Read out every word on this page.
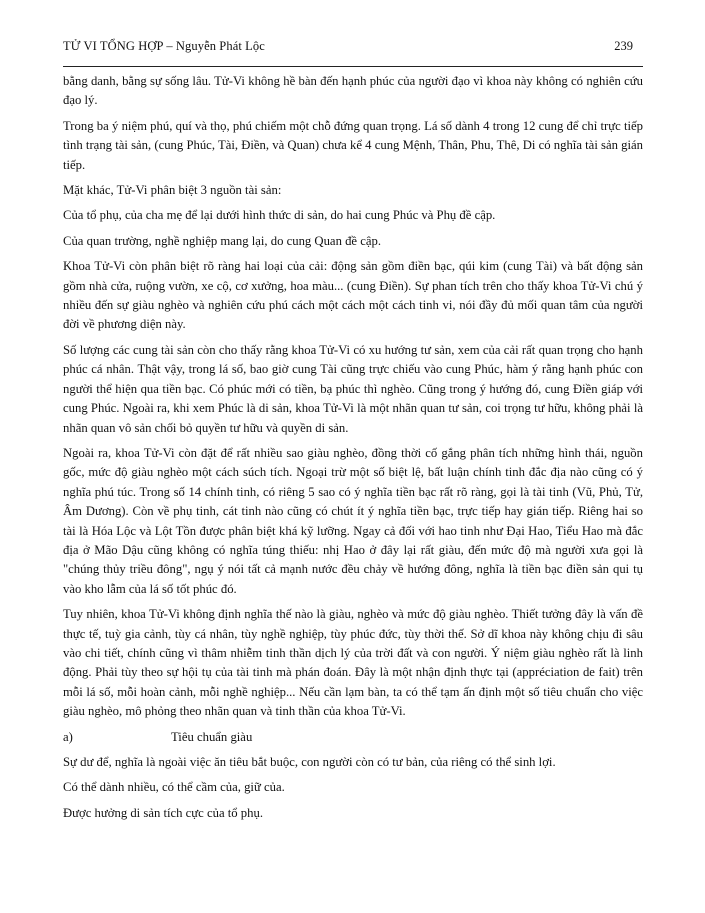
TỬ VI TỔNG HỢP – Nguyễn Phát Lộc	239

bằng danh, bằng sự sống lâu. Tử-Vi không hề bàn đến hạnh phúc của người đạo vì khoa này không có nghiên cứu đạo lý.

Trong ba ý niệm phú, quí và thọ, phú chiếm một chỗ đứng quan trọng. Lá số dành 4 trong 12 cung để chỉ trực tiếp tình trạng tài sản, (cung Phúc, Tài, Điền, và Quan) chưa kể 4 cung Mệnh, Thân, Phu, Thê, Di có nghĩa tài sản gián tiếp.

Mặt khác, Tử-Vi phân biệt 3 nguồn tài sản:

Của tổ phụ, của cha mẹ để lại dưới hình thức di sản, do hai cung Phúc và Phụ đề cập.

Của quan trường, nghề nghiệp mang lại, do cung Quan đề cập.

Khoa Tử-Vi còn phân biệt rõ ràng hai loại của cải: động sản gồm điền bạc, qúi kim (cung Tài) và bất động sản gồm nhà cửa, ruộng vườn, xe cộ, cơ xưởng, hoa màu... (cung Điền). Sự phan tích trên cho thấy khoa Tử-Vi chú ý nhiều đến sự giàu nghèo và nghiên cứu phú cách một cách một cách tinh vi, nói đầy đủ mối quan tâm của người đời về phương diện này.

Số lượng các cung tài sản còn cho thấy rằng khoa Tử-Vi có xu hướng tư sản, xem của cải rất quan trọng cho hạnh phúc cá nhân. Thật vậy, trong lá số, bao giờ cung Tài cũng trực chiếu vào cung Phúc, hàm ý rằng hạnh phúc con người thể hiện qua tiền bạc. Có phúc mới có tiền, bạ phúc thì nghèo. Cũng trong ý hướng đó, cung Điền giáp với cung Phúc. Ngoài ra, khi xem Phúc là di sản, khoa Tử-Vi là một nhãn quan tư sản, coi trọng tư hữu, không phải là nhãn quan vô sản chối bỏ quyền tư hữu và quyền di sản.

Ngoài ra, khoa Tử-Vi còn đặt để rất nhiều sao giàu nghèo, đồng thời cố gắng phân tích những hình thái, nguồn gốc, mức độ giàu nghèo một cách súch tích. Ngoại trừ một số biệt lệ, bất luận chính tinh đắc địa nào cũng có ý nghĩa phú túc. Trong số 14 chính tinh, có riêng 5 sao có ý nghĩa tiền bạc rất rõ ràng, gọi là tài tinh (Vũ, Phủ, Tử, Âm Dương). Còn về phụ tinh, cát tinh nào cũng có chút ít ý nghĩa tiền bạc, trực tiếp hay gián tiếp. Riêng hai so tài là Hóa Lộc và Lột Tồn được phân biệt khá kỹ lưỡng. Ngay cả đối với hao tinh như Đại Hao, Tiểu Hao mà đắc địa ở Mão Dậu cũng không có nghĩa túng thiếu: nhị Hao ở đây lại rất giàu, đến mức độ mà người xưa gọi là "chúng thủy triều đông", ngụ ý nói tất cả mạnh nước đều chảy về hướng đông, nghĩa là tiền bạc điền sản qui tụ vào kho lẫm của lá số tốt phúc đó.

Tuy nhiên, khoa Tử-Vi không định nghĩa thế nào là giàu, nghèo và mức độ giàu nghèo. Thiết tưởng đây là vấn đề thực tế, tuỳ gia cảnh, tùy cá nhân, tùy nghề nghiệp, tùy phúc đức, tùy thời thế. Sở dĩ khoa này không chịu đi sâu vào chi tiết, chính cũng vì thâm nhiễm tinh thần dịch lý của trời đất và con người. Ý niệm giàu nghèo rất là linh động. Phải tùy theo sự hội tụ của tài tinh mà phán đoán. Đây là một nhận định thực tại (appréciation de fait) trên mỗi lá số, mỗi hoàn cảnh, mỗi nghề nghiệp... Nếu cần lạm bàn, ta có thể tạm ấn định một số tiêu chuẩn cho việc giàu nghèo, mô phỏng theo nhãn quan và tinh thần của khoa Tử-Vi.

a)	Tiêu chuẩn giàu

Sự dư để, nghĩa là ngoài việc ăn tiêu bắt buộc, con người còn có tư bản, của riêng có thể sinh lợi.

Có thể dành nhiều, có thể cầm của, giữ của.

Được hưởng di sản tích cực của tổ phụ.
